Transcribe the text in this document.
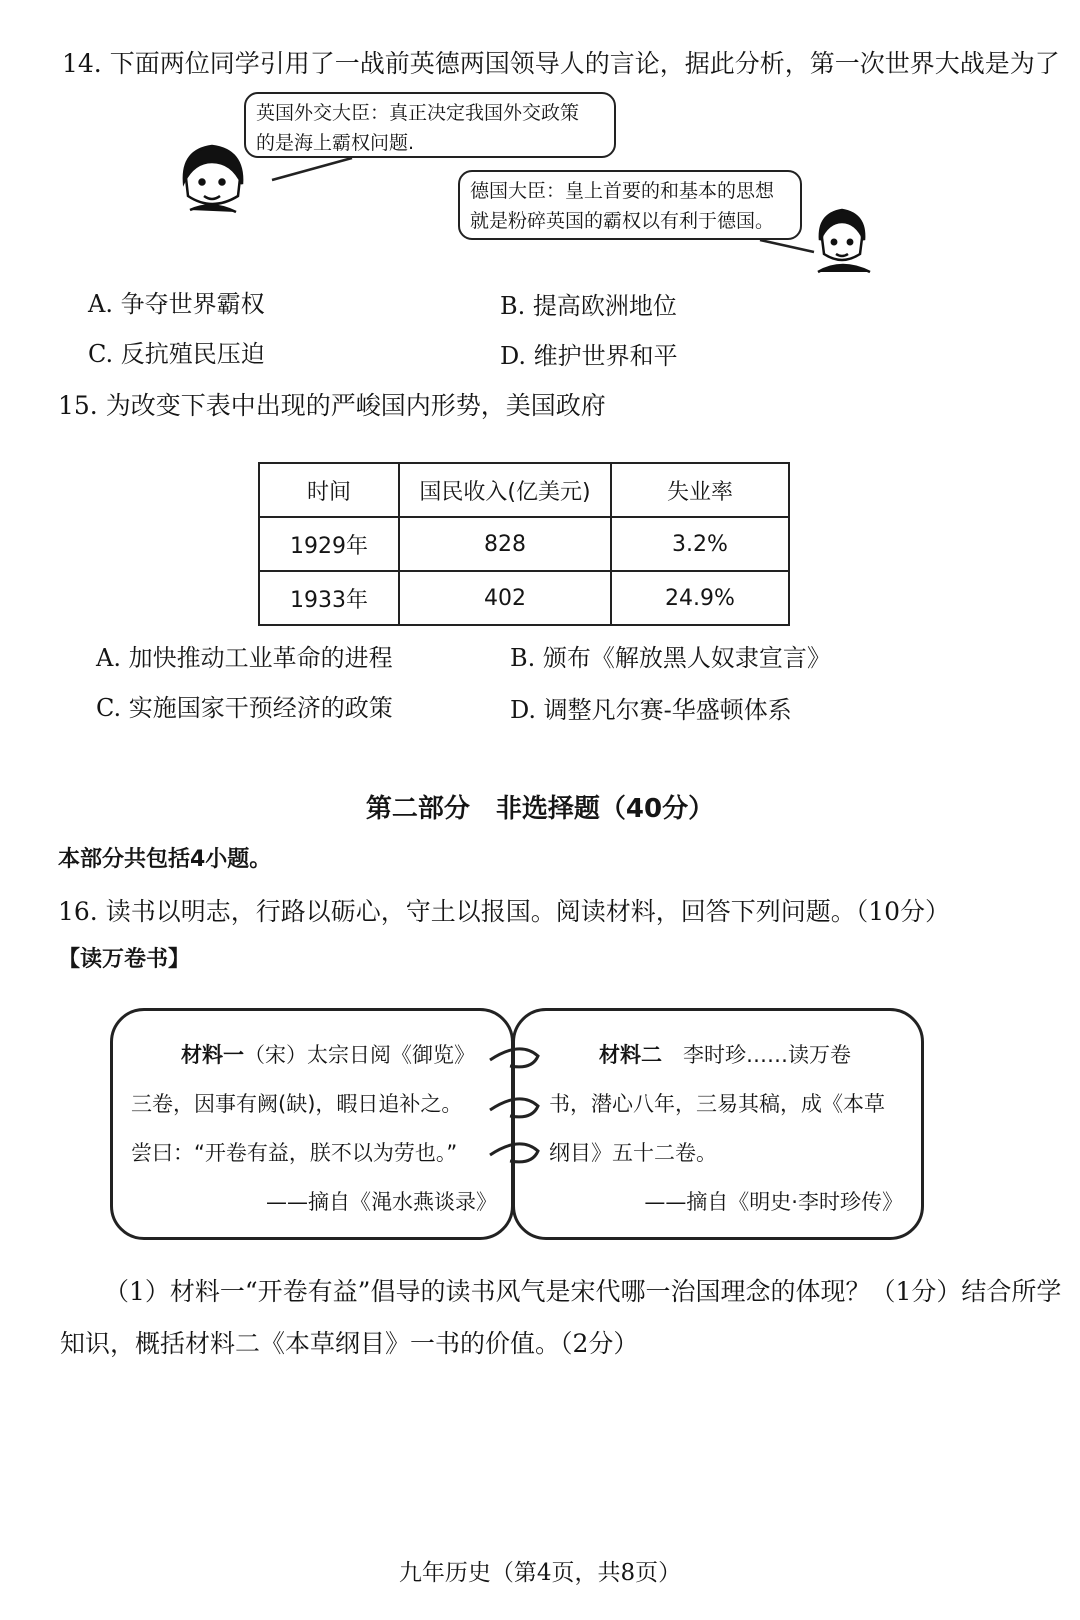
14. 下面两位同学引用了一战前英德两国领导人的言论，据此分析，第一次世界大战是为了
英国外交大臣：真正决定我国外交政策
的是海上霸权问题.
德国大臣：皇上首要的和基本的思想
就是粉碎英国的霸权以有利于德国。
A. 争夺世界霸权	B. 提高欧洲地位
C. 反抗殖民压迫	D. 维护世界和平
15. 为改变下表中出现的严峻国内形势，美国政府
时间	国民收入(亿美元)	失业率
1929年	828	3.2%
1933年	402	24.9%
A. 加快推动工业革命的进程	B. 颁布《解放黑人奴隶宣言》
C. 实施国家干预经济的政策	D. 调整凡尔赛-华盛顿体系
第二部分　非选择题（40分）
本部分共包括4小题。
16. 读书以明志，行路以砺心，守土以报国。阅读材料，回答下列问题。（10分）
【读万卷书】

材料一（宋）太宗日阅《御览》

三卷，因事有阙(缺)，暇日追补之。

尝曰：“开卷有益，朕不以为劳也。”

——摘自《渑水燕谈录》

材料二　 李时珍……读万卷

书，潜心八年，三易其稿，成《本草

纲目》五十二卷。

——摘自《明史·李时珍传》

（1）材料一“开卷有益”倡导的读书风气是宋代哪一治国理念的体现？（1分）结合所学
知识，概括材料二《本草纲目》一书的价值。（2分）
九年历史（第4页，共8页）
